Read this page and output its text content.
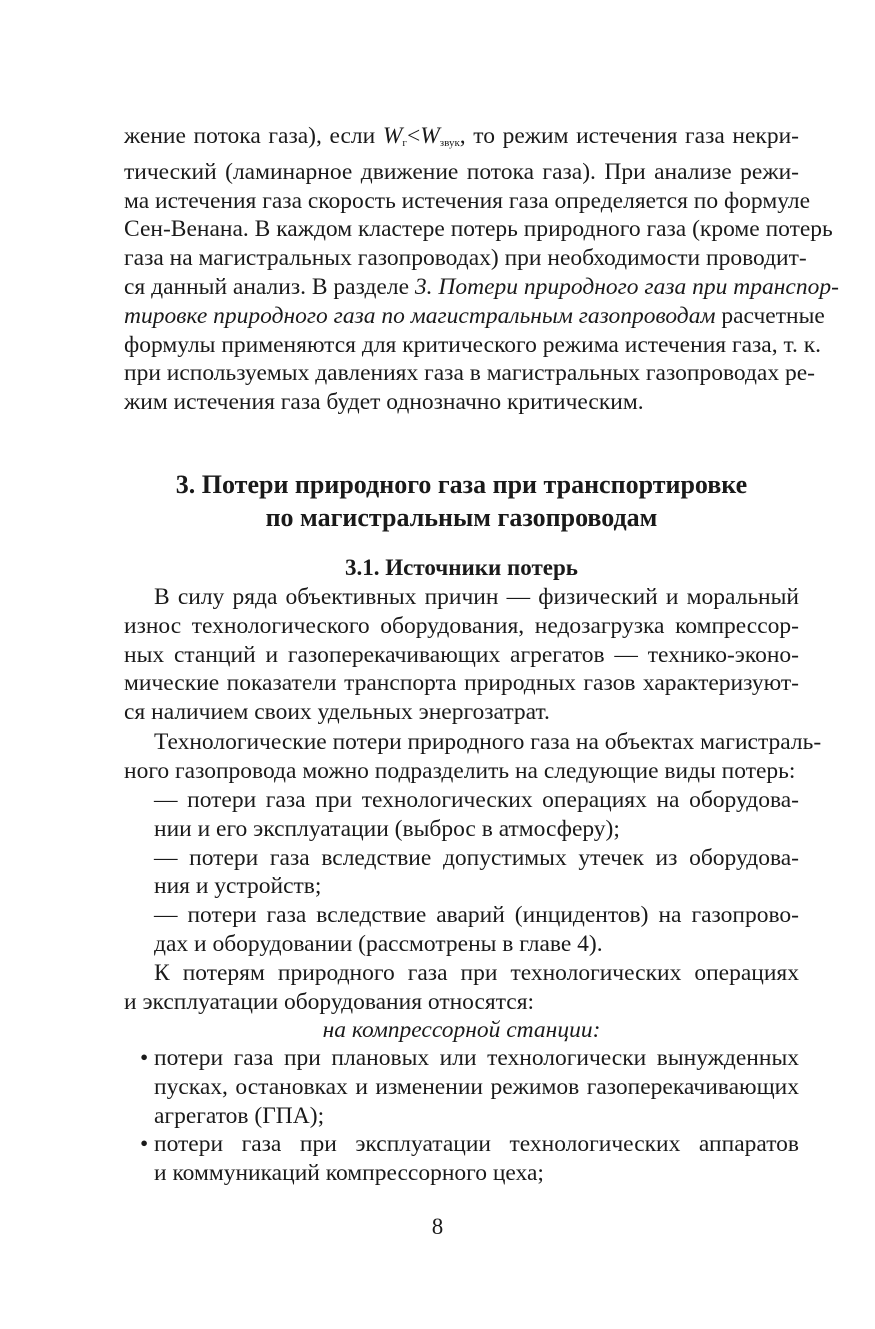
жение потока газа), если $W_г<W_{звук}$, то режим истечения газа некри-
тический (ламинарное движение потока газа). При анализе режи-
ма истечения газа скорость истечения газа определяется по формуле
Сен-Венана. В каждом кластере потерь природного газа (кроме потерь
газа на магистральных газопроводах) при необходимости проводит-
ся данный анализ. В разделе 3. Потери природного газа при транспор-
тировке природного газа по магистральным газопроводам расчетные
формулы применяются для критического режима истечения газа, т. к.
при используемых давлениях газа в магистральных газопроводах ре-
жим истечения газа будет однозначно критическим.
3. Потери природного газа при транспортировке
по магистральным газопроводам
3.1. Источники потерь
В силу ряда объективных причин — физический и моральный
износ технологического оборудования, недозагрузка компрессор-
ных станций и газоперекачивающих агрегатов — технико-эконо-
мические показатели транспорта природных газов характеризуют-
ся наличием своих удельных энергозатрат.
Технологические потери природного газа на объектах магистраль-
ного газопровода можно подразделить на следующие виды потерь:
— потери газа при технологических операциях на оборудова-
нии и его эксплуатации (выброс в атмосферу);
— потери газа вследствие допустимых утечек из оборудова-
ния и устройств;
— потери газа вследствие аварий (инцидентов) на газопрово-
дах и оборудовании (рассмотрены в главе 4).
К потерям природного газа при технологических операциях
и эксплуатации оборудования относятся:
на компрессорной станции:
• потери газа при плановых или технологически вынужденных
пусках, остановках и изменении режимов газоперекачивающих
агрегатов (ГПА);
• потери газа при эксплуатации технологических аппаратов
и коммуникаций компрессорного цеха;
8
